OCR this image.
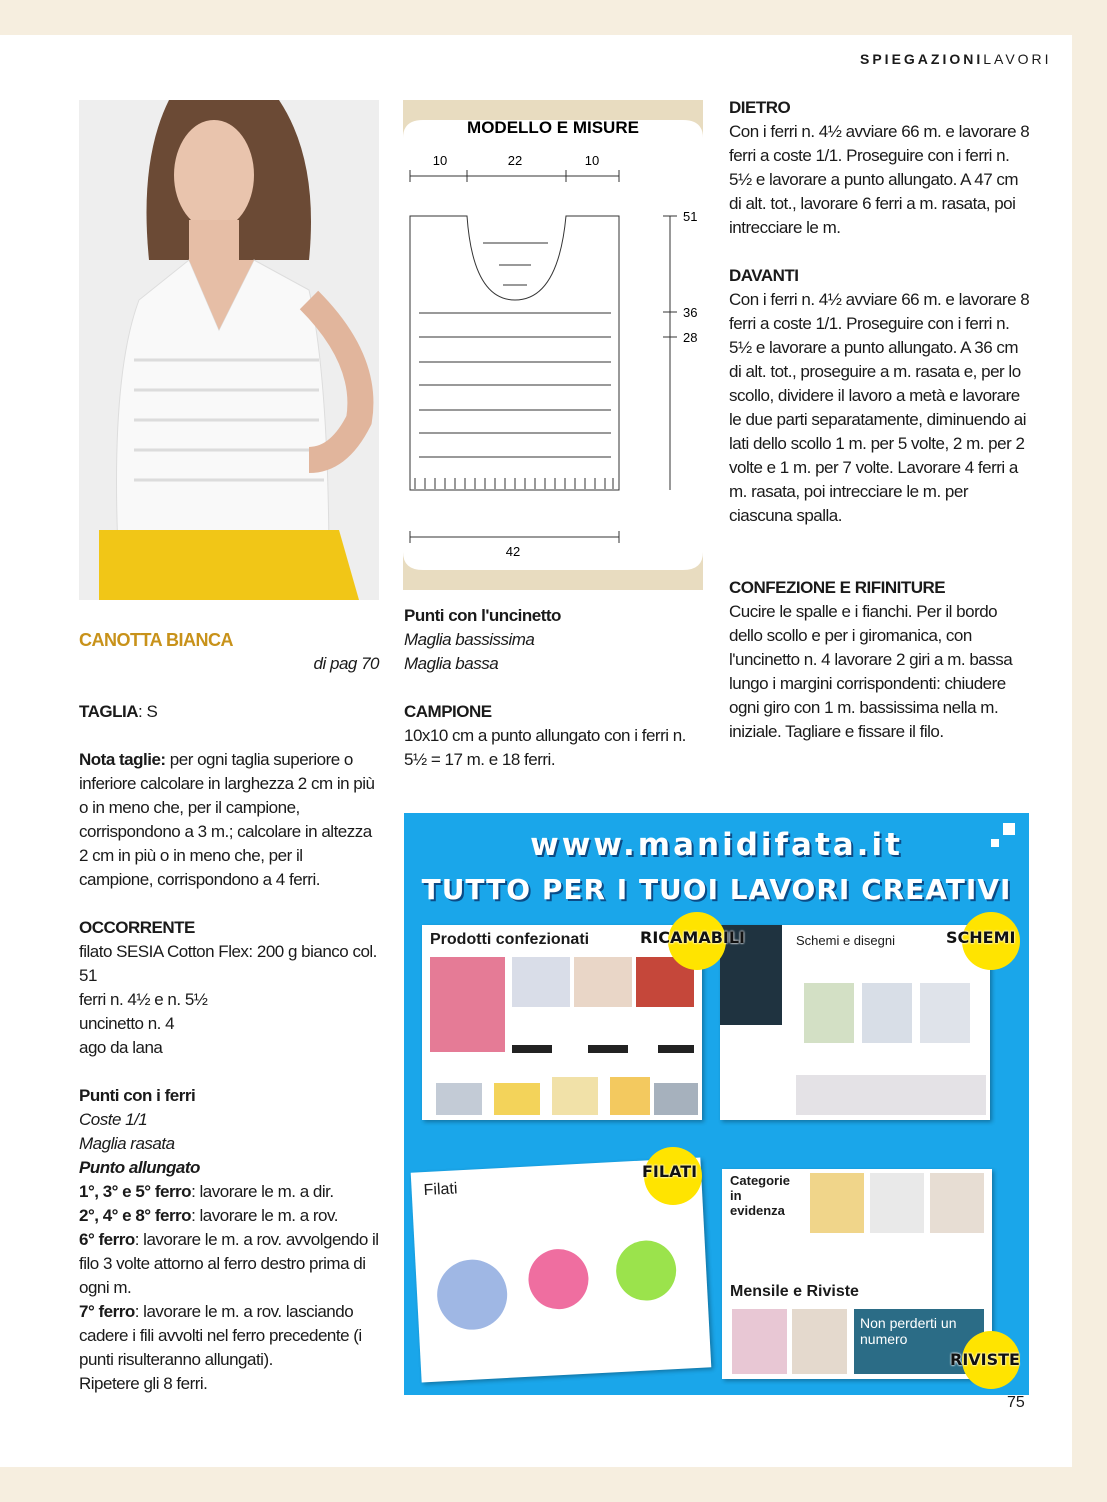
SPIEGAZIONILAVORI

CANOTTA BIANCA

di pag 70

TAGLIA: S

Nota taglie: per ogni taglia superiore o inferiore calcolare in larghezza 2 cm in più o in meno che, per il campione, corrispondono a 3 m.; calcolare in altezza 2 cm in più o in meno che, per il campione, corrispondono a 4 ferri.

OCCORRENTE

filato SESIA Cotton Flex: 200 g bianco col. 51

ferri n. 4½ e n. 5½

uncinetto n. 4

ago da lana

Punti con i ferri

Coste 1/1

Maglia rasata

Punto allungato

1°, 3° e 5° ferro: lavorare le m. a dir.

2°, 4° e 8° ferro: lavorare le m. a rov.

6° ferro: lavorare le m. a rov. avvolgendo il filo 3 volte attorno al ferro destro prima di ogni m.

7° ferro: lavorare le m. a rov. lasciando cadere i fili avvolti nel ferro precedente (i punti risulteranno allungati).

Ripetere gli 8 ferri.

MODELLO E MISURE
10	22	10
51
36
28
42

Punti con l'uncinetto

Maglia bassissima

Maglia bassa

CAMPIONE

10x10 cm a punto allungato con i ferri n. 5½ = 17 m. e 18 ferri.

DIETRO

Con i ferri n. 4½ avviare 66 m. e lavorare 8 ferri a coste 1/1. Proseguire con i ferri n. 5½ e lavorare a punto allungato. A 47 cm di alt. tot., lavorare 6 ferri a m. rasata, poi intrecciare le m.

DAVANTI

Con i ferri n. 4½ avviare 66 m. e lavorare 8 ferri a coste 1/1. Proseguire con i ferri n. 5½ e lavorare a punto allungato. A 36 cm di alt. tot., proseguire a m. rasata e, per lo scollo, dividere il lavoro a metà e lavorare le due parti separatamente, diminuendo ai lati dello scollo 1 m. per 5 volte, 2 m. per 2 volte e 1 m. per 7 volte. Lavorare 4 ferri a m. rasata, poi intrecciare le m. per ciascuna spalla.

CONFEZIONE E RIFINITURE

Cucire le spalle e i fianchi. Per il bordo dello scollo e per i giromanica, con l'uncinetto n. 4 lavorare 2 giri a m. bassa lungo i margini corrispondenti: chiudere ogni giro con 1 m. bassissima nella m. iniziale. Tagliare e fissare il filo.

www.manidifata.it
TUTTO PER I TUOI LAVORI CREATIVI
Prodotti confezionati	Schemi e disegni
Filati	Categorie in evidenza
Mensile e Riviste
Non perderti un numero
RICAMABILI	SCHEMI
FILATI
RIVISTE
75
